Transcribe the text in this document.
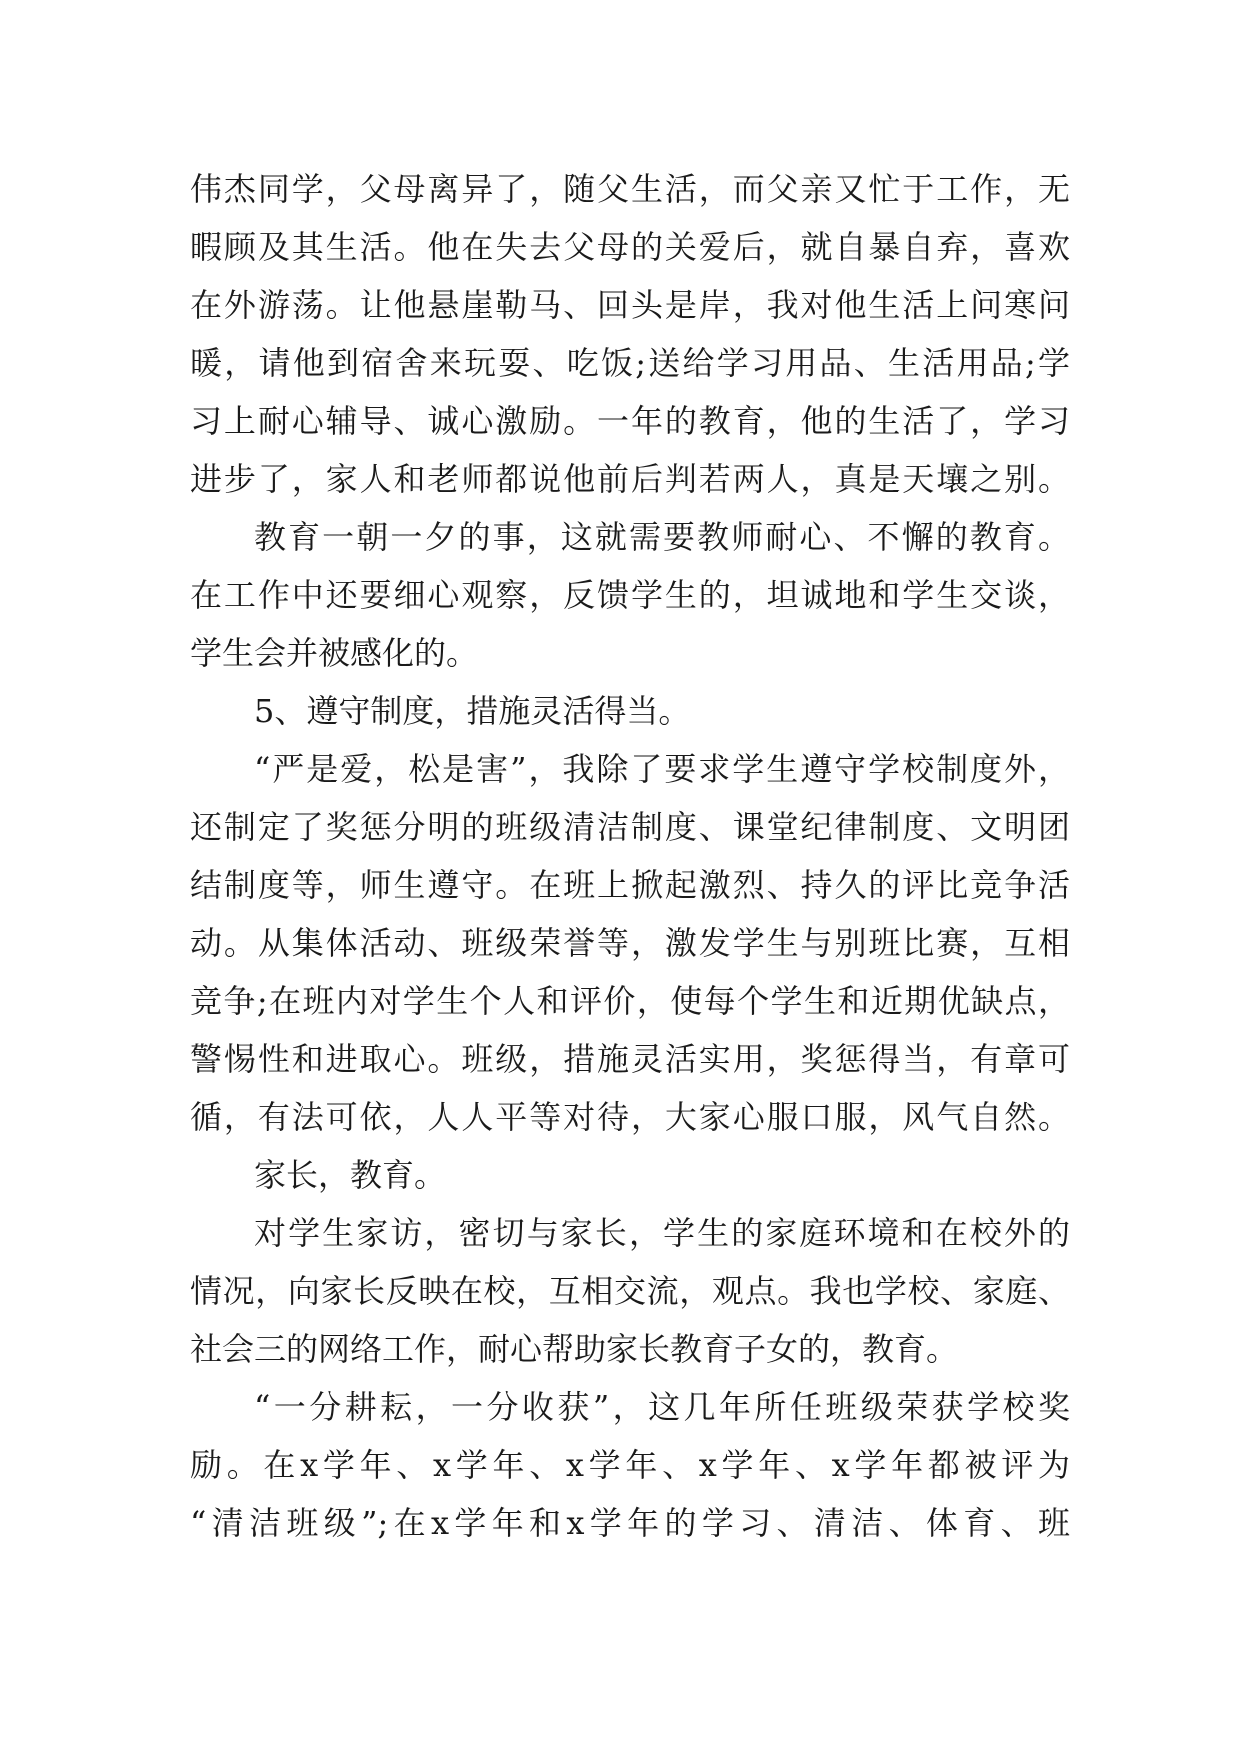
伟杰同学，父母离异了，随父生活，而父亲又忙于工作，无
暇顾及其生活。他在失去父母的关爱后，就自暴自弃，喜欢
在外游荡。让他悬崖勒马、回头是岸，我对他生活上问寒问
暖，请他到宿舍来玩耍、吃饭;送给学习用品、生活用品;学
习上耐心辅导、诚心激励。一年的教育，他的生活了，学习
进步了，家人和老师都说他前后判若两人，真是天壤之别。
教育一朝一夕的事，这就需要教师耐心、不懈的教育。
在工作中还要细心观察，反馈学生的，坦诚地和学生交谈，
学生会并被感化的。
5、遵守制度，措施灵活得当。
“严是爱，松是害”，我除了要求学生遵守学校制度外，
还制定了奖惩分明的班级清洁制度、课堂纪律制度、文明团
结制度等，师生遵守。在班上掀起激烈、持久的评比竞争活
动。从集体活动、班级荣誉等，激发学生与别班比赛，互相
竞争;在班内对学生个人和评价，使每个学生和近期优缺点，
警惕性和进取心。班级，措施灵活实用，奖惩得当，有章可
循，有法可依，人人平等对待，大家心服口服，风气自然。
家长，教育。
对学生家访，密切与家长，学生的家庭环境和在校外的
情况，向家长反映在校，互相交流，观点。我也学校、家庭、
社会三的网络工作，耐心帮助家长教育子女的，教育。
“一分耕耘，一分收获”，这几年所任班级荣获学校奖
励。在x学年、x学年、x学年、x学年、x学年都被评为
“清洁班级”;在x学年和x学年的学习、清洁、体育、班
